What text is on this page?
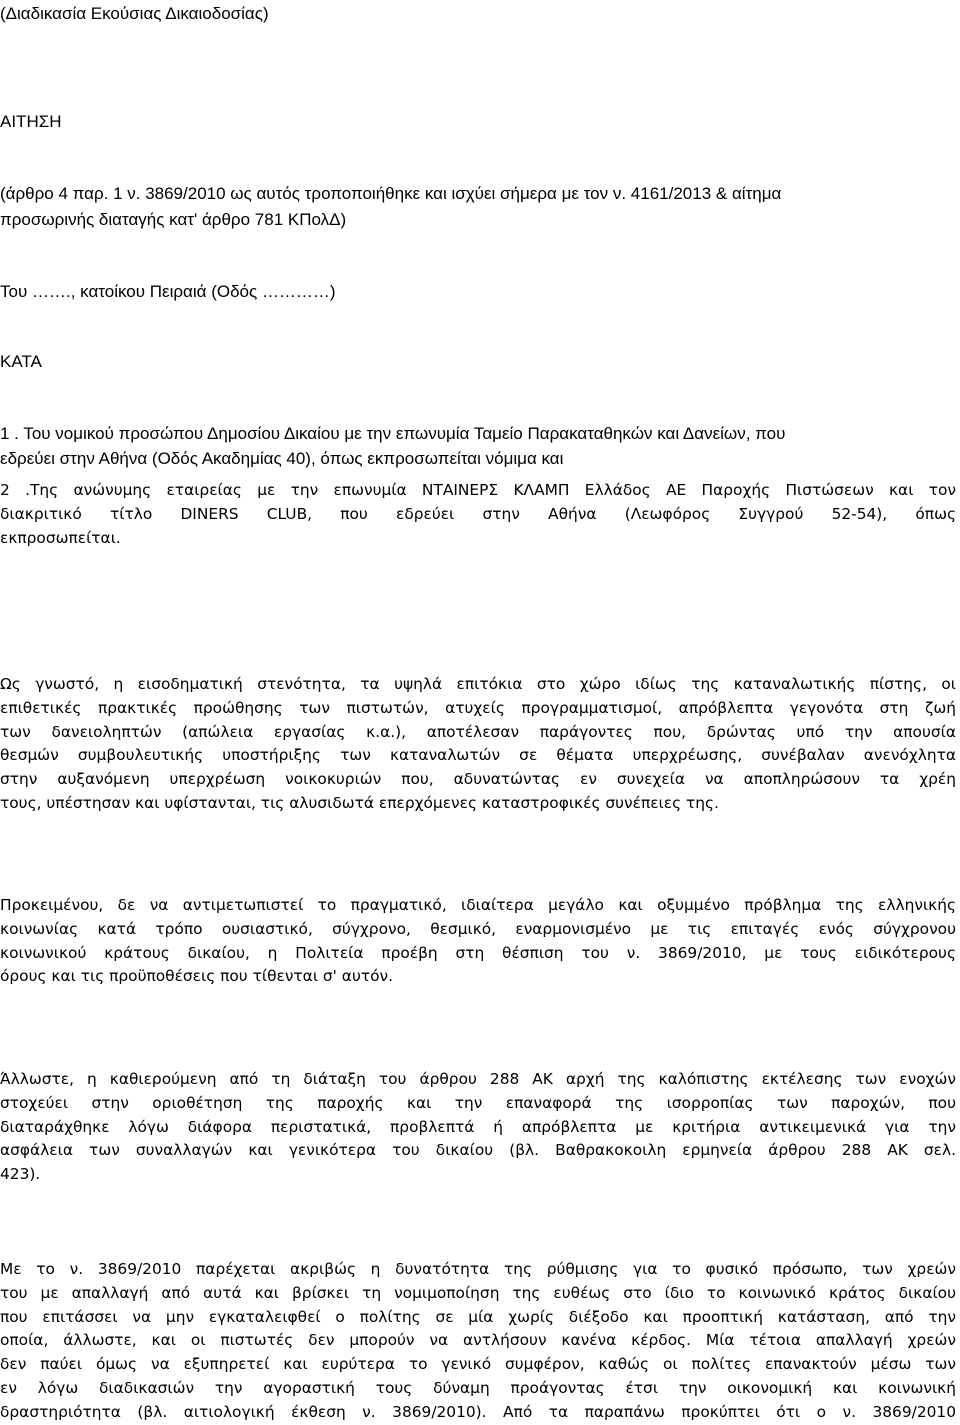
(Διαδικασία Εκούσιας Δικαιοδοσίας)
ΑΙΤΗΣΗ
(άρθρο 4 παρ. 1 ν. 3869/2010 ως αυτός τροποποιήθηκε και ισχύει σήμερα με τον ν. 4161/2013 & αίτημα
προσωρινής διαταγής κατ' άρθρο 781 ΚΠολΔ)
Του ……., κατοίκου Πειραιά (Οδός …………)
ΚΑΤΑ
1 . Του νομικού προσώπου Δημοσίου Δικαίου με την επωνυμία Ταμείο Παρακαταθηκών και Δανείων, που
εδρεύει στην Αθήνα (Οδός Ακαδημίας 40), όπως εκπροσωπείται νόμιμα και
2 .Της ανώνυμης εταιρείας με την επωνυμία ΝΤΑΙΝΕΡΣ ΚΛΑΜΠ Ελλάδος ΑΕ Παροχής Πιστώσεων και τον
διακριτικό τίτλο DINERS CLUB, που εδρεύει στην Αθήνα (Λεωφόρος Συγγρού 52-54), όπως
εκπροσωπείται.
Ως γνωστό, η εισοδηματική στενότητα, τα υψηλά επιτόκια στο χώρο ιδίως της καταναλωτικής πίστης, οι
επιθετικές πρακτικές προώθησης των πιστωτών, ατυχείς προγραμματισμοί, απρόβλεπτα γεγονότα στη ζωή
των δανειοληπτών (απώλεια εργασίας κ.α.), αποτέλεσαν παράγοντες που, δρώντας υπό την απουσία
θεσμών συμβουλευτικής υποστήριξης των καταναλωτών σε θέματα υπερχρέωσης, συνέβαλαν ανενόχλητα
στην αυξανόμενη υπερχρέωση νοικοκυριών που, αδυνατώντας εν συνεχεία να αποπληρώσουν τα χρέη
τους, υπέστησαν και υφίστανται, τις αλυσιδωτά επερχόμενες καταστροφικές συνέπειες της.
Προκειμένου, δε να αντιμετωπιστεί το πραγματικό, ιδιαίτερα μεγάλο και οξυμμένο πρόβλημα της ελληνικής
κοινωνίας κατά τρόπο ουσιαστικό, σύγχρονο, θεσμικό, εναρμονισμένο με τις επιταγές ενός σύγχρονου
κοινωνικού κράτους δικαίου, η Πολιτεία προέβη στη θέσπιση του ν. 3869/2010, με τους ειδικότερους
όρους και τις προϋποθέσεις που τίθενται σ' αυτόν.
Άλλωστε, η καθιερούμενη από τη διάταξη του άρθρου 288 ΑΚ αρχή της καλόπιστης εκτέλεσης των ενοχών
στοχεύει στην οριοθέτηση της παροχής και την επαναφορά της ισορροπίας των παροχών, που
διαταράχθηκε λόγω διάφορα περιστατικά, προβλεπτά ή απρόβλεπτα με κριτήρια αντικειμενικά για την
ασφάλεια των συναλλαγών και γενικότερα του δικαίου (βλ. Βαθρακοκοιλη ερμηνεία άρθρου 288 ΑΚ σελ.
423).
Με το ν. 3869/2010 παρέχεται ακριβώς η δυνατότητα της ρύθμισης για το φυσικό πρόσωπο, των χρεών
του με απαλλαγή από αυτά και βρίσκει τη νομιμοποίηση της ευθέως στο ίδιο το κοινωνικό κράτος δικαίου
που επιτάσσει να μην εγκαταλειφθεί ο πολίτης σε μία χωρίς διέξοδο και προοπτική κατάσταση, από την
οποία, άλλωστε, και οι πιστωτές δεν μπορούν να αντλήσουν κανένα κέρδος. Μία τέτοια απαλλαγή χρεών
δεν παύει όμως να εξυπηρετεί και ευρύτερα το γενικό συμφέρον, καθώς οι πολίτες επανακτούν μέσω των
εν λόγω διαδικασιών την αγοραστική τους δύναμη προάγοντας έτσι την οικονομική και κοινωνική
δραστηριότητα (βλ. αιτιολογική έκθεση ν. 3869/2010). Από τα παραπάνω προκύπτει ότι ο ν. 3869/2010
